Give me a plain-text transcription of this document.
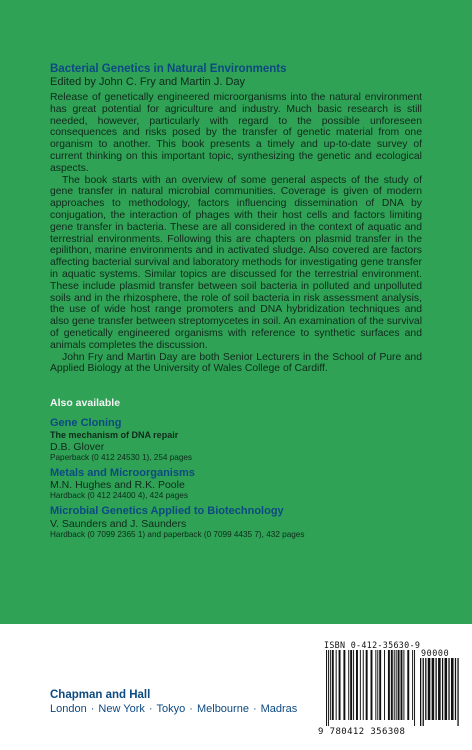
Bacterial Genetics in Natural Environments
Edited by John C. Fry and Martin J. Day

Release of genetically engineered microorganisms into the natural environment has great potential for agriculture and industry. Much basic research is still needed, however, particularly with regard to the possible unforeseen consequences and risks posed by the transfer of genetic material from one organism to another. This book presents a timely and up-to-date survey of current thinking on this important topic, synthesizing the genetic and ecological aspects.

The book starts with an overview of some general aspects of the study of gene transfer in natural microbial communities. Coverage is given of modern approaches to methodology, factors influencing dissemination of DNA by conjugation, the interaction of phages with their host cells and factors limiting gene transfer in bacteria. These are all considered in the context of aquatic and terrestrial environments. Following this are chapters on plasmid transfer in the epilithon, marine environments and in activated sludge. Also covered are factors affecting bacterial survival and laboratory methods for investigating gene transfer in aquatic systems. Similar topics are discussed for the terrestrial environment. These include plasmid transfer between soil bacteria in polluted and unpolluted soils and in the rhizosphere, the role of soil bacteria in risk assessment analysis, the use of wide host range promoters and DNA hybridization techniques and also gene transfer between streptomycetes in soil. An examination of the survival of genetically engineered organisms with reference to synthetic surfaces and animals completes the discussion.

John Fry and Martin Day are both Senior Lecturers in the School of Pure and Applied Biology at the University of Wales College of Cardiff.

Also available
Gene Cloning
The mechanism of DNA repair
D.B. Glover
Paperback (0 412 24530 1), 254 pages
Metals and Microorganisms
M.N. Hughes and R.K. Poole
Hardback (0 412 24400 4), 424 pages
Microbial Genetics Applied to Biotechnology
V. Saunders and J. Saunders
Hardback (0 7099 2365 1) and paperback (0 7099 4435 7), 432 pages
Chapman and Hall
London · New York · Tokyo · Melbourne · Madras
ISBN 0-412-35630-9
90000
9 780412 356308
